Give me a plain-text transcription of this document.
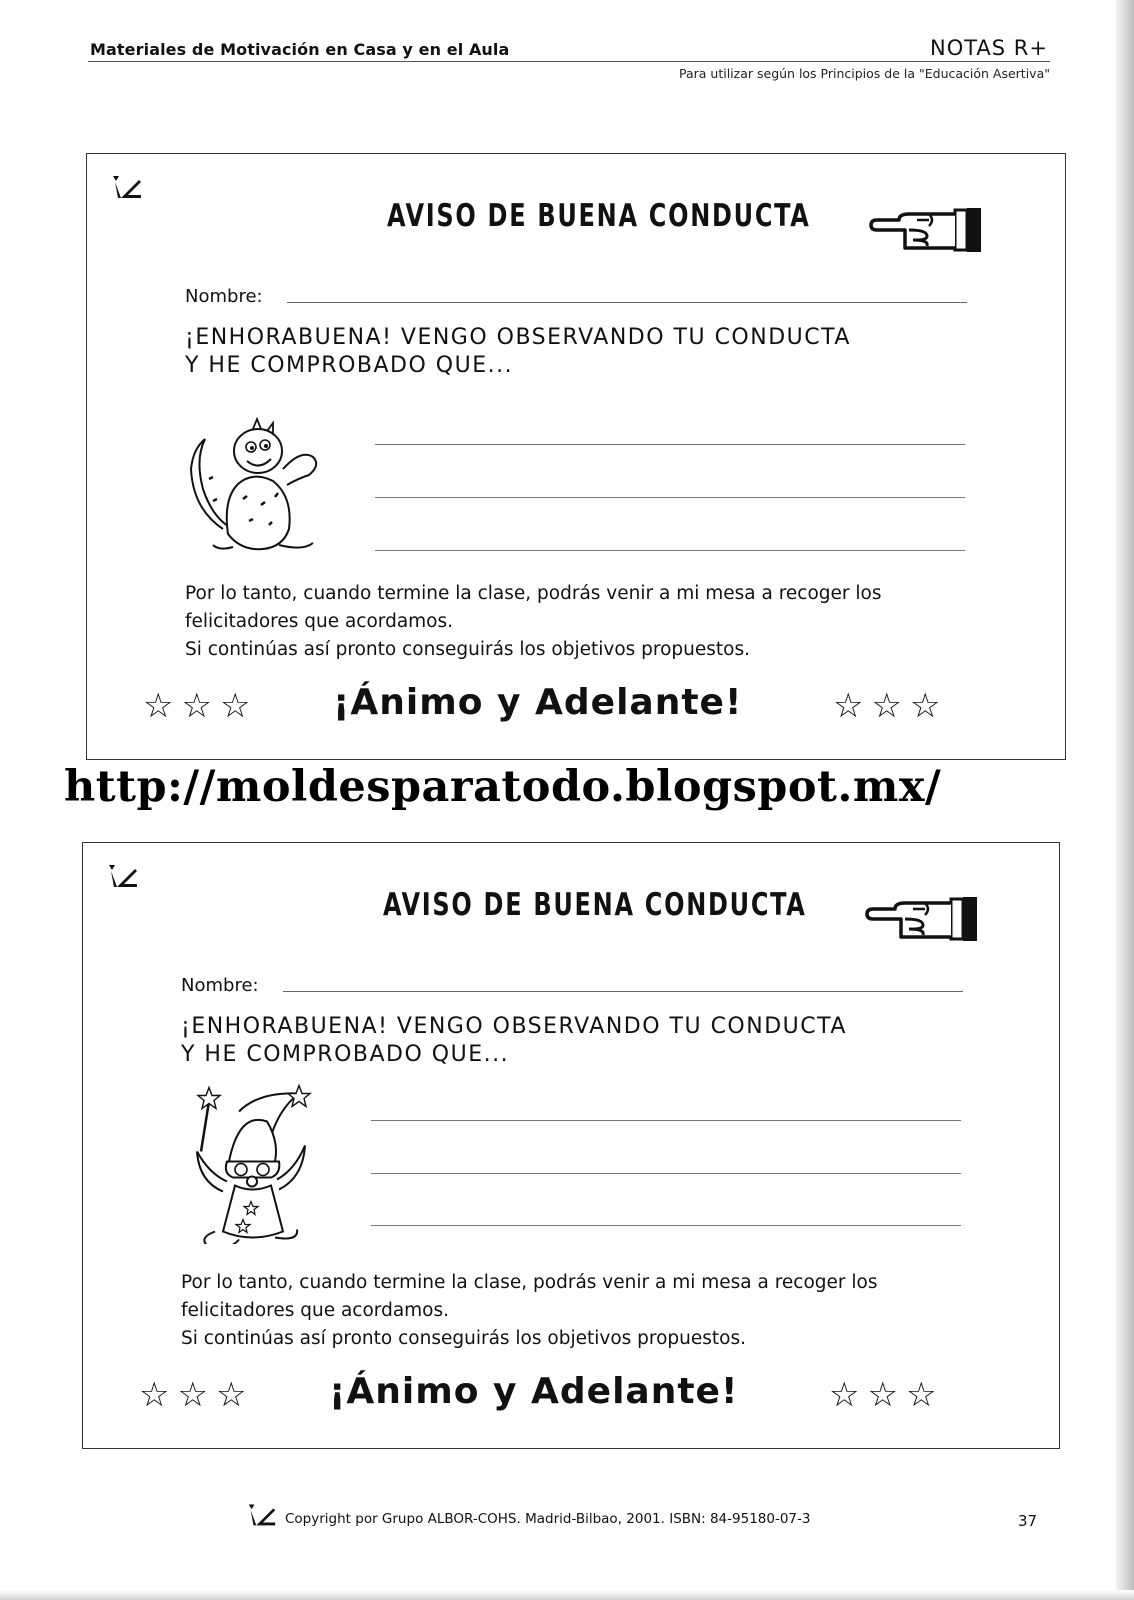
Materiales de Motivación en Casa y en el Aula	NOTAS R+
Para utilizar según los Principios de la "Educación Asertiva"
AVISO DE BUENA CONDUCTA
Nombre:
¡ENHORABUENA! VENGO OBSERVANDO TU CONDUCTA
Y HE COMPROBADO QUE...
Por lo tanto, cuando termine la clase, podrás venir a mi mesa a recoger los
felicitadores que acordamos.
Si continúas así pronto conseguirás los objetivos propuestos.
☆☆☆ ¡Ánimo y Adelante!	☆☆☆
http://moldesparatodo.blogspot.mx/
AVISO DE BUENA CONDUCTA
Nombre:
¡ENHORABUENA! VENGO OBSERVANDO TU CONDUCTA
Y HE COMPROBADO QUE...
Por lo tanto, cuando termine la clase, podrás venir a mi mesa a recoger los
felicitadores que acordamos.
Si continúas así pronto conseguirás los objetivos propuestos.
☆☆☆ ¡Ánimo y Adelante!	☆☆☆
Copyright por Grupo ALBOR-COHS. Madrid-Bilbao, 2001. ISBN: 84-95180-07-3	37
